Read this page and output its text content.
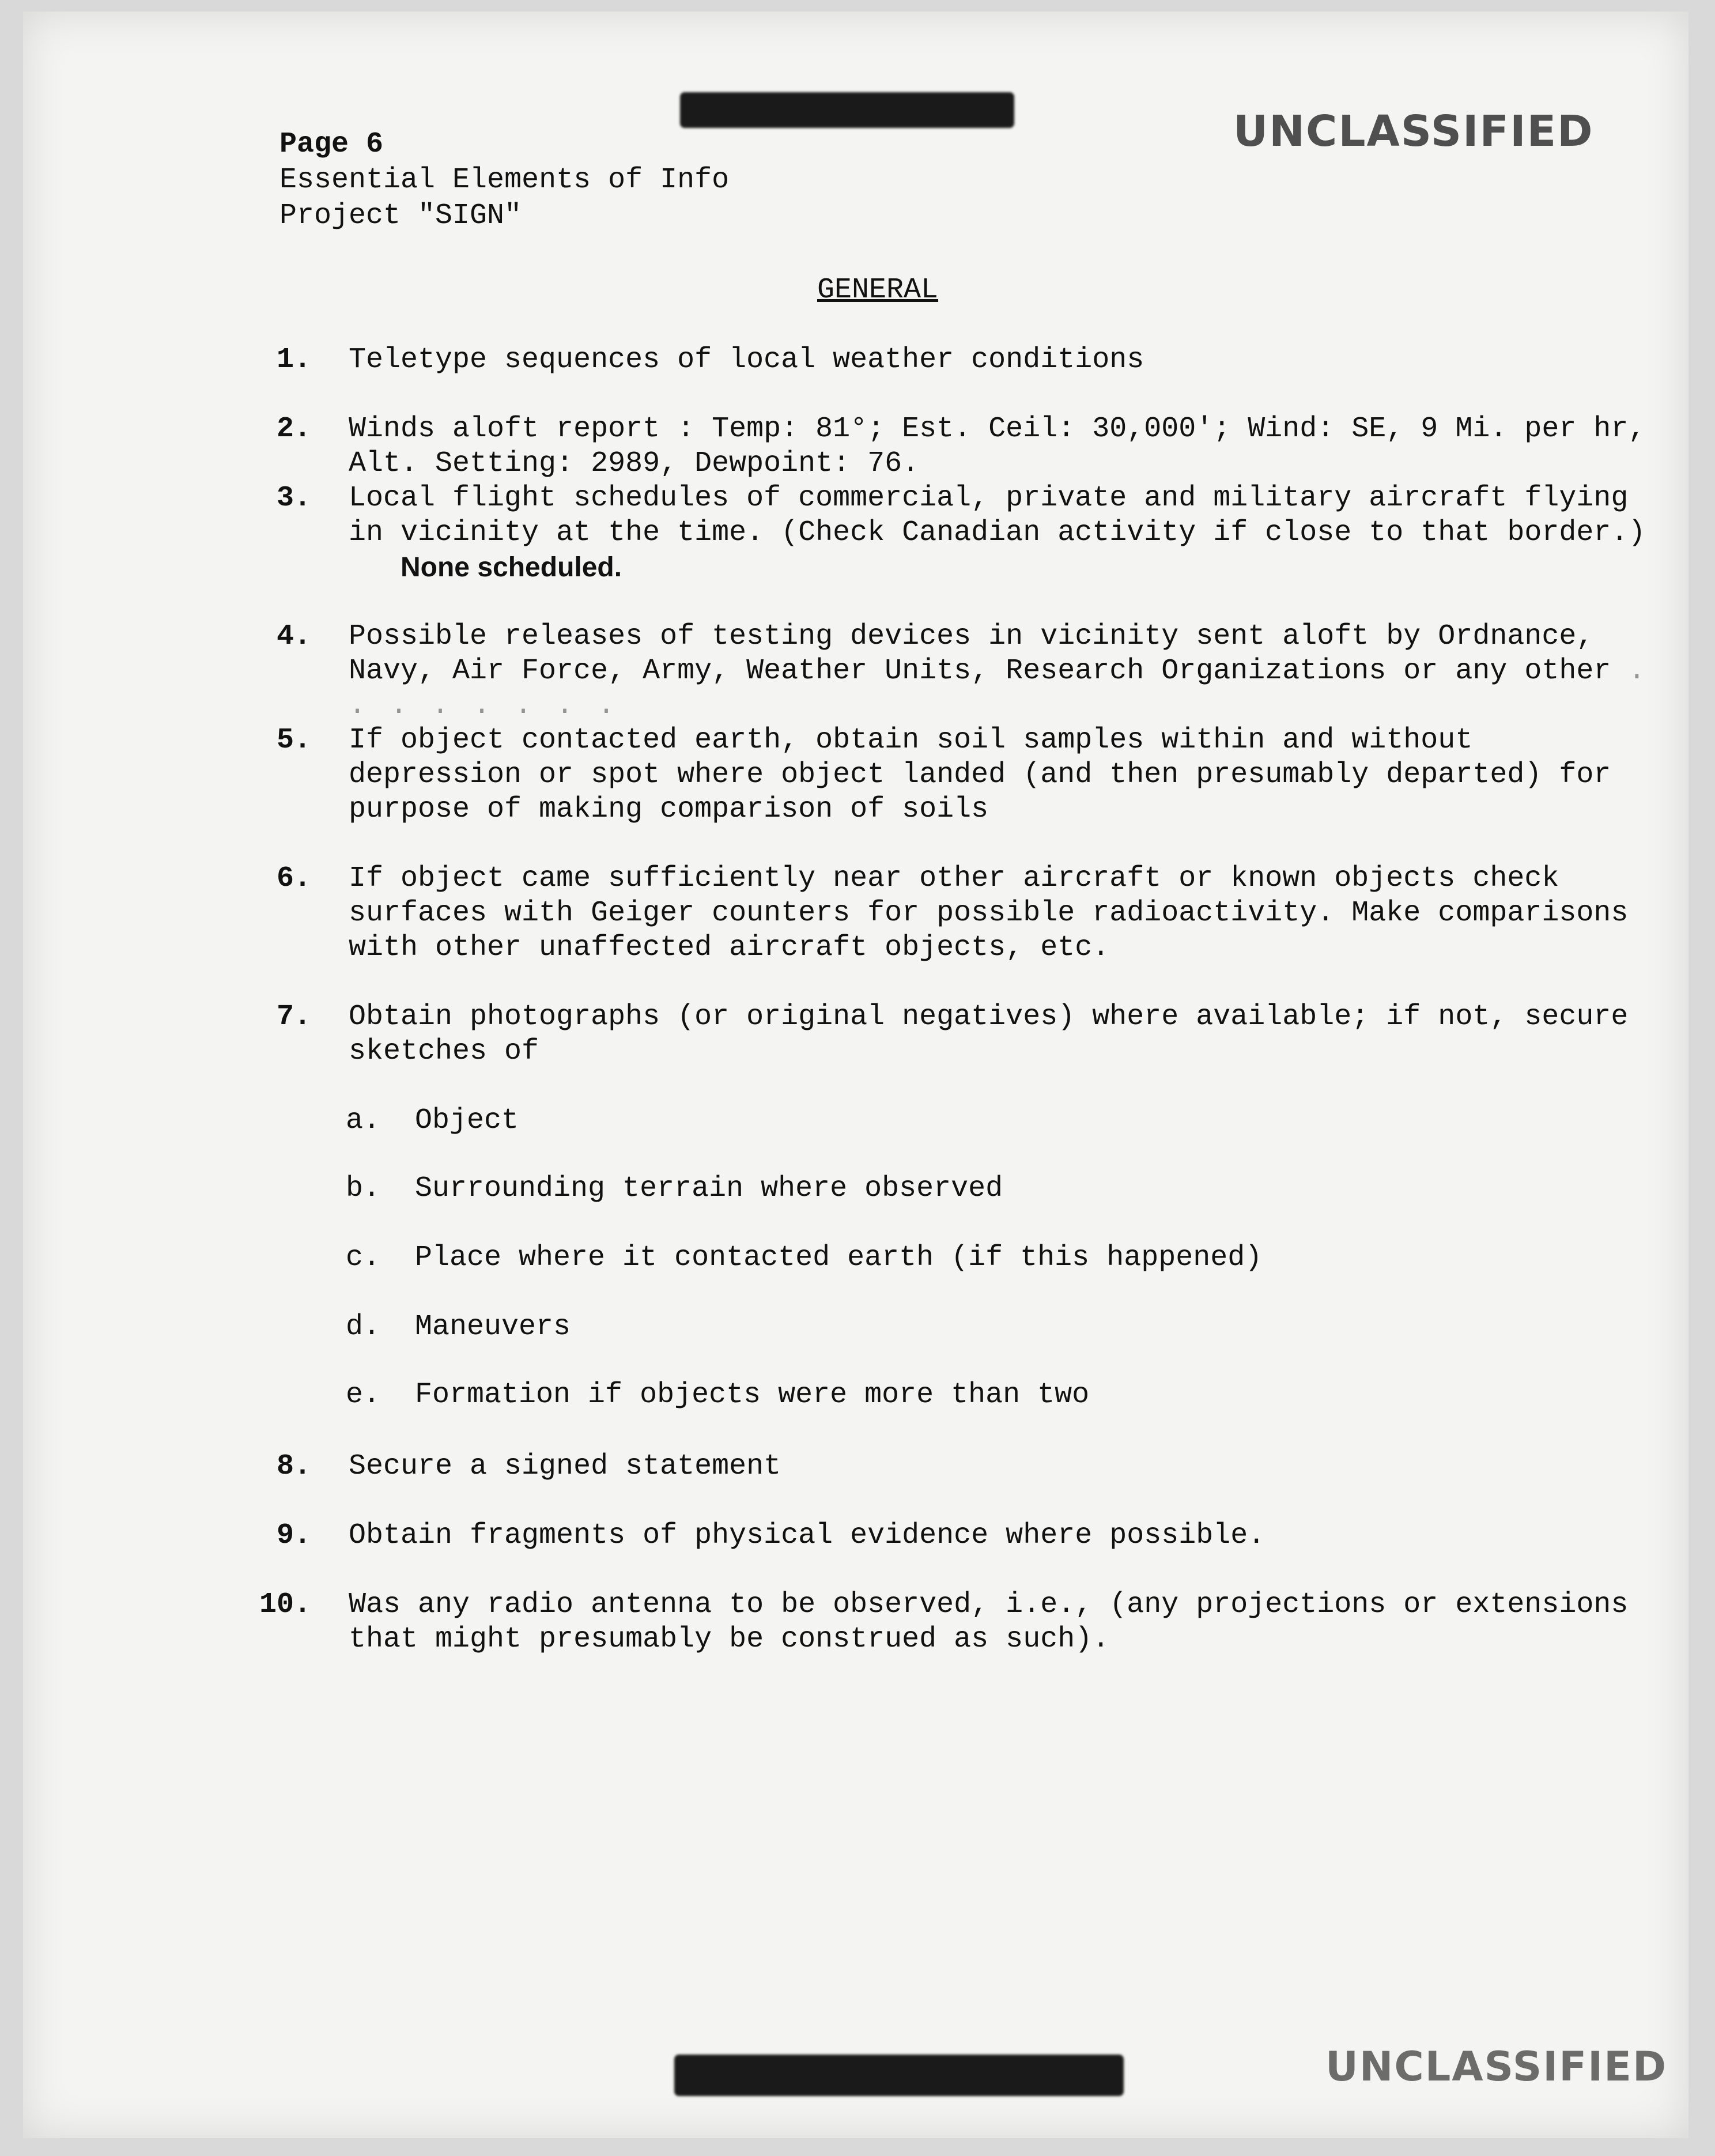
UNCLASSIFIED
UNCLASSIFIED
Page 6
Essential Elements of Info
Project "SIGN"
GENERAL
1.	Teletype sequences of local weather conditions
2.	Winds aloft report : Temp: 81°; Est. Ceil: 30,000'; Wind: SE, 9 Mi. per hr, Alt. Setting: 2989, Dewpoint: 76.
3.	Local flight schedules of commercial, private and military aircraft flying in vicinity at the time. (Check Canadian activity if close to that border.) None scheduled.
4.	Possible releases of testing devices in vicinity sent aloft by Ordnance, Navy, Air Force, Army, Weather Units, Research Organizations or any other . . . . . . . .
5.	If object contacted earth, obtain soil samples within and without depression or spot where object landed (and then presumably departed) for purpose of making comparison of soils
6.	If object came sufficiently near other aircraft or known objects check surfaces with Geiger counters for possible radioactivity. Make comparisons with other unaffected aircraft objects, etc.
7.	Obtain photographs (or original negatives) where available; if not, secure sketches of
a.	Object
b.	Surrounding terrain where observed
c.	Place where it contacted earth (if this happened)
d.	Maneuvers
e.	Formation if objects were more than two
8.	Secure a signed statement
9.	Obtain fragments of physical evidence where possible.
10.	Was any radio antenna to be observed, i.e., (any projections or extensions that might presumably be construed as such).
